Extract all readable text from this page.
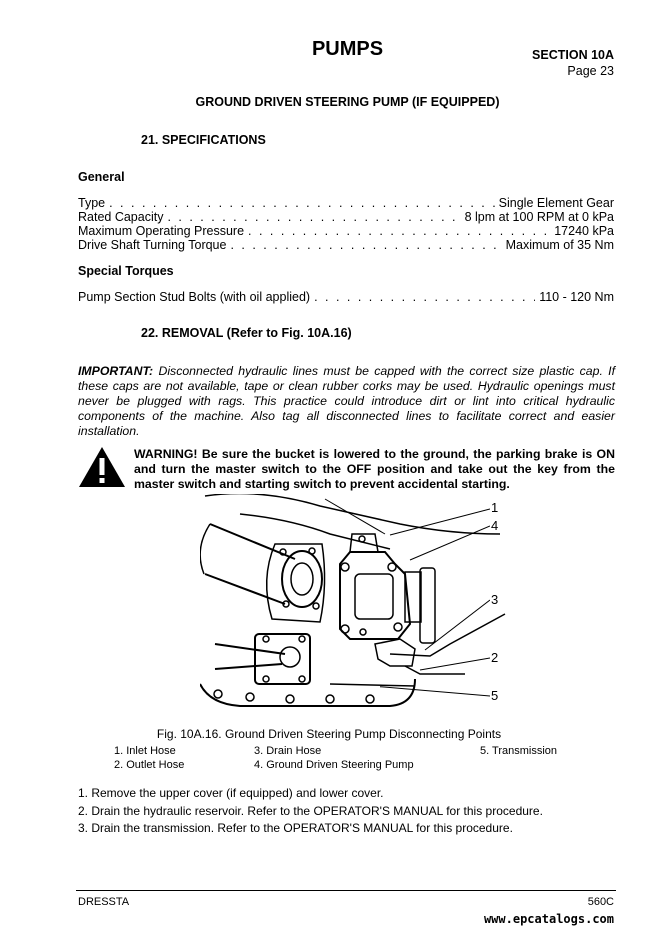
PUMPS	SECTION 10A
Page 23
GROUND DRIVEN STEERING PUMP (IF EQUIPPED)
21. SPECIFICATIONS
General
Type . . .	Single Element Gear
Rated Capacity . . .	8 lpm at 100 RPM at 0 kPa
Maximum Operating Pressure . . .	17240 kPa
Drive Shaft Turning Torque . . .	Maximum of 35 Nm
Special Torques
Pump Section Stud Bolts (with oil applied) . . .	110 - 120 Nm
22. REMOVAL (Refer to Fig. 10A.16)
IMPORTANT: Disconnected hydraulic lines must be capped with the correct size plastic cap. If these caps are not available, tape or clean rubber corks may be used. Hydraulic openings must never be plugged with rags. This practice could introduce dirt or lint into critical hydraulic components of the machine. Also tag all disconnected lines to facilitate correct and easier installation.
WARNING! Be sure the bucket is lowered to the ground, the parking brake is ON and turn the master switch to the OFF position and take out the key from the master switch and starting switch to prevent accidental starting.
1
4
3
2
5
Fig. 10A.16. Ground Driven Steering Pump Disconnecting Points
1. Inlet Hose
2. Outlet Hose
3. Drain Hose
4. Ground Driven Steering Pump
5. Transmission
1. Remove the upper cover (if equipped) and lower cover.
2. Drain the hydraulic reservoir. Refer to the OPERATOR'S MANUAL for this procedure.
3. Drain the transmission. Refer to the OPERATOR'S MANUAL for this procedure.
DRESSTA	560C
www.epcatalogs.com
